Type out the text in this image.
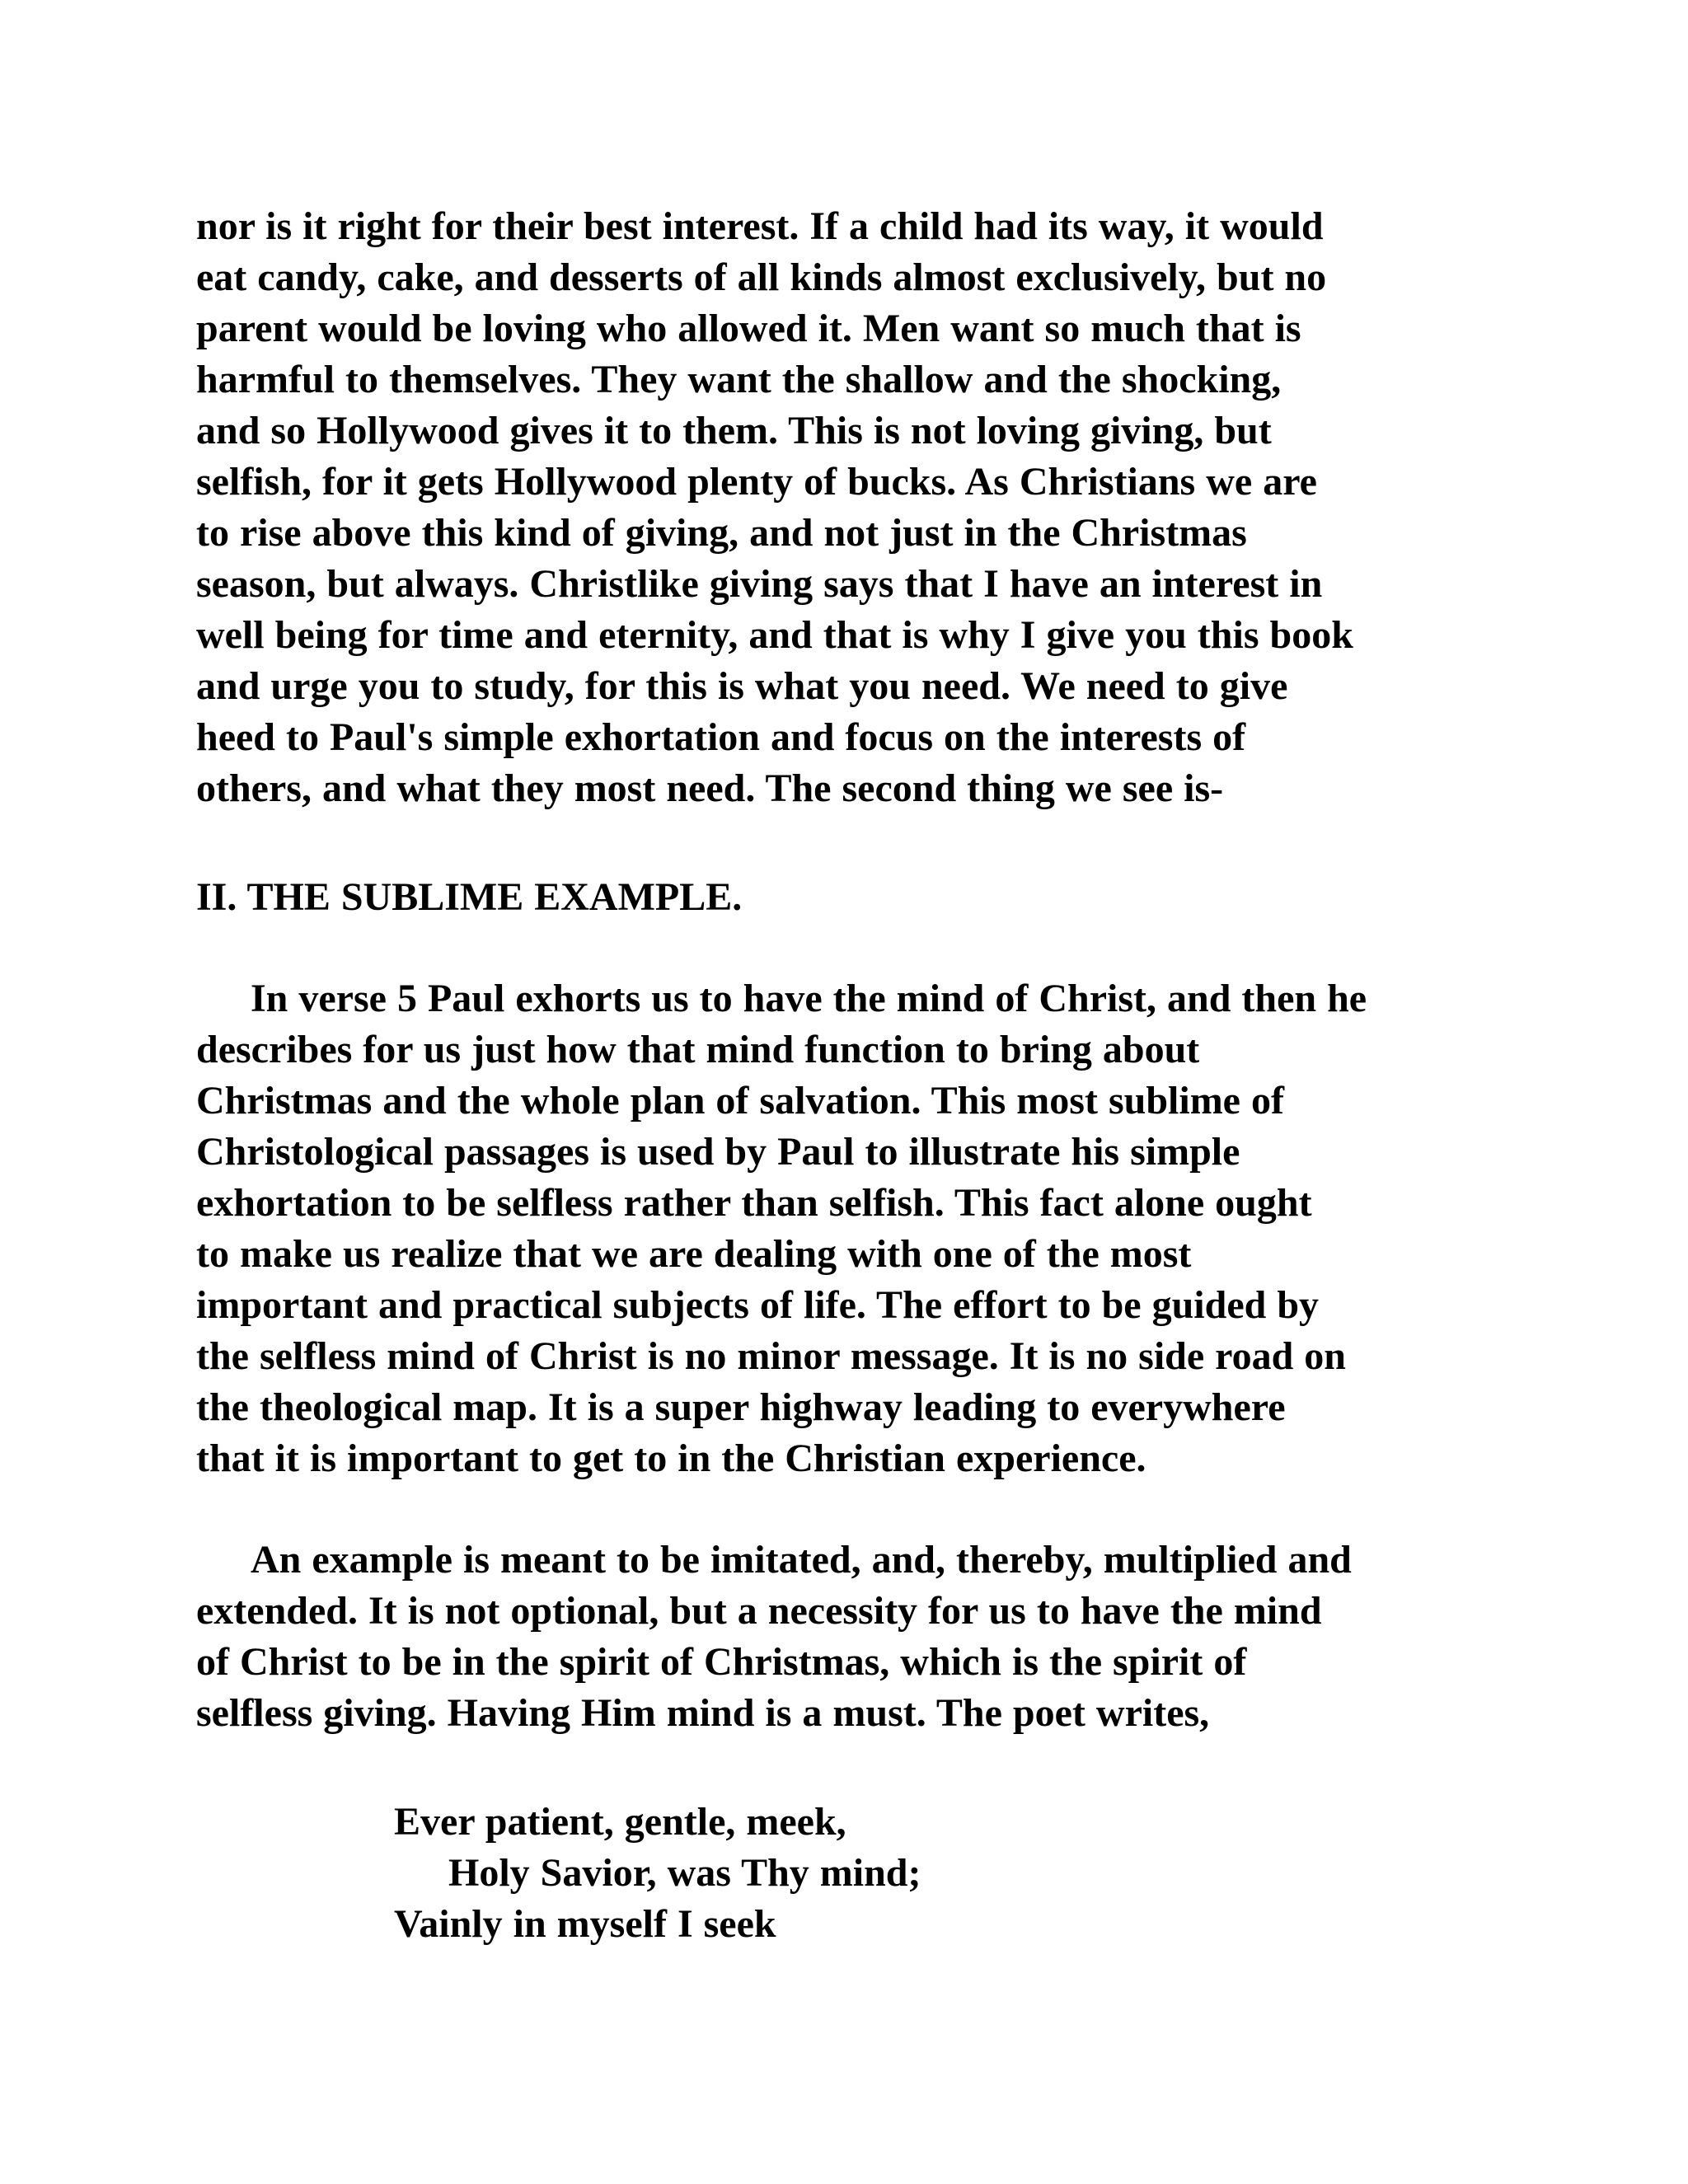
nor is it right for their best interest. If a child had its way, it would
eat candy, cake, and desserts of all kinds almost exclusively, but no
parent would be loving who allowed it. Men want so much that is
harmful to themselves. They want the shallow and the shocking,
and so Hollywood gives it to them. This is not loving giving, but
selfish, for it gets Hollywood plenty of bucks. As Christians we are
to rise above this kind of giving, and not just in the Christmas
season, but always. Christlike giving says that I have an interest in
well being for time and eternity, and that is why I give you this book
and urge you to study, for this is what you need. We need to give
heed to Paul's simple exhortation and focus on the interests of
others, and what they most need. The second thing we see is-
II. THE SUBLIME EXAMPLE.
In verse 5 Paul exhorts us to have the mind of Christ, and then he
describes for us just how that mind function to bring about
Christmas and the whole plan of salvation. This most sublime of
Christological passages is used by Paul to illustrate his simple
exhortation to be selfless rather than selfish. This fact alone ought
to make us realize that we are dealing with one of the most
important and practical subjects of life. The effort to be guided by
the selfless mind of Christ is no minor message. It is no side road on
the theological map. It is a super highway leading to everywhere
that it is important to get to in the Christian experience.
An example is meant to be imitated, and, thereby, multiplied and
extended. It is not optional, but a necessity for us to have the mind
of Christ to be in the spirit of Christmas, which is the spirit of
selfless giving. Having Him mind is a must. The poet writes,
Ever patient, gentle, meek,
Holy Savior, was Thy mind;
Vainly in myself I seek
